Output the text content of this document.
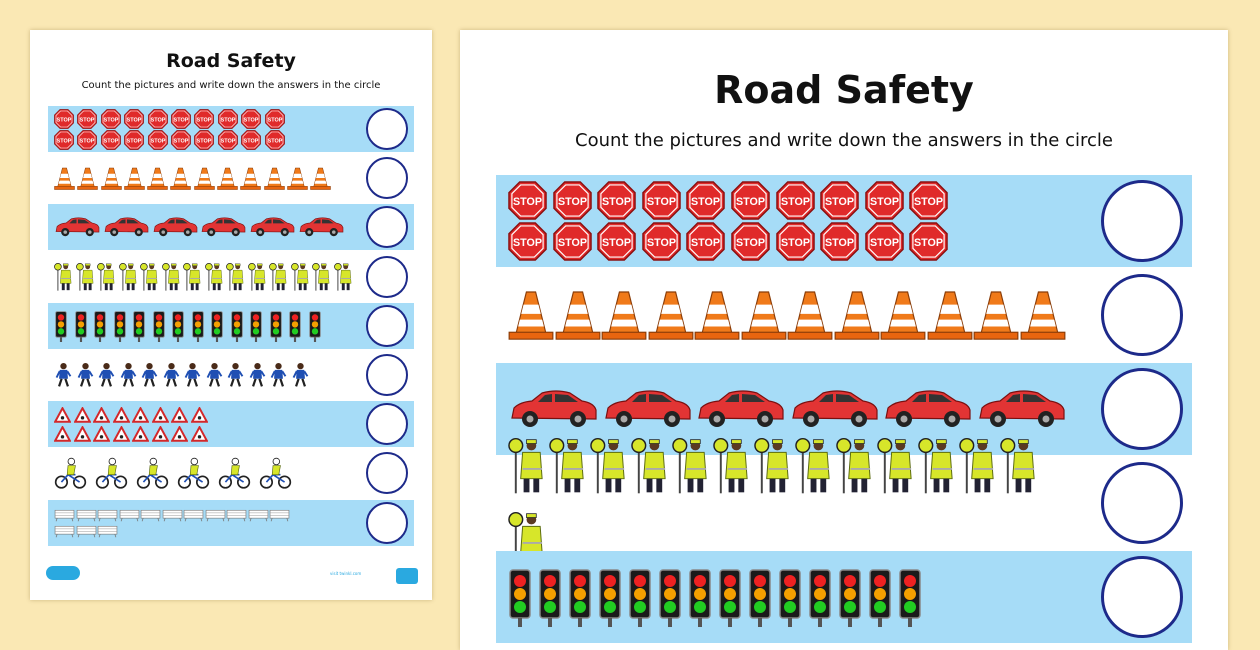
Road Safety
Count the pictures and write down the answers in the circle
STOP STOP STOP STOP STOP STOP STOP STOP STOP STOP
STOP STOP STOP STOP STOP STOP STOP STOP STOP STOP
visit twinkl.com
Road Safety
Count the pictures and write down the answers in the circle
STOP STOP STOP STOP STOP STOP STOP STOP STOP STOP
STOP STOP STOP STOP STOP STOP STOP STOP STOP STOP
